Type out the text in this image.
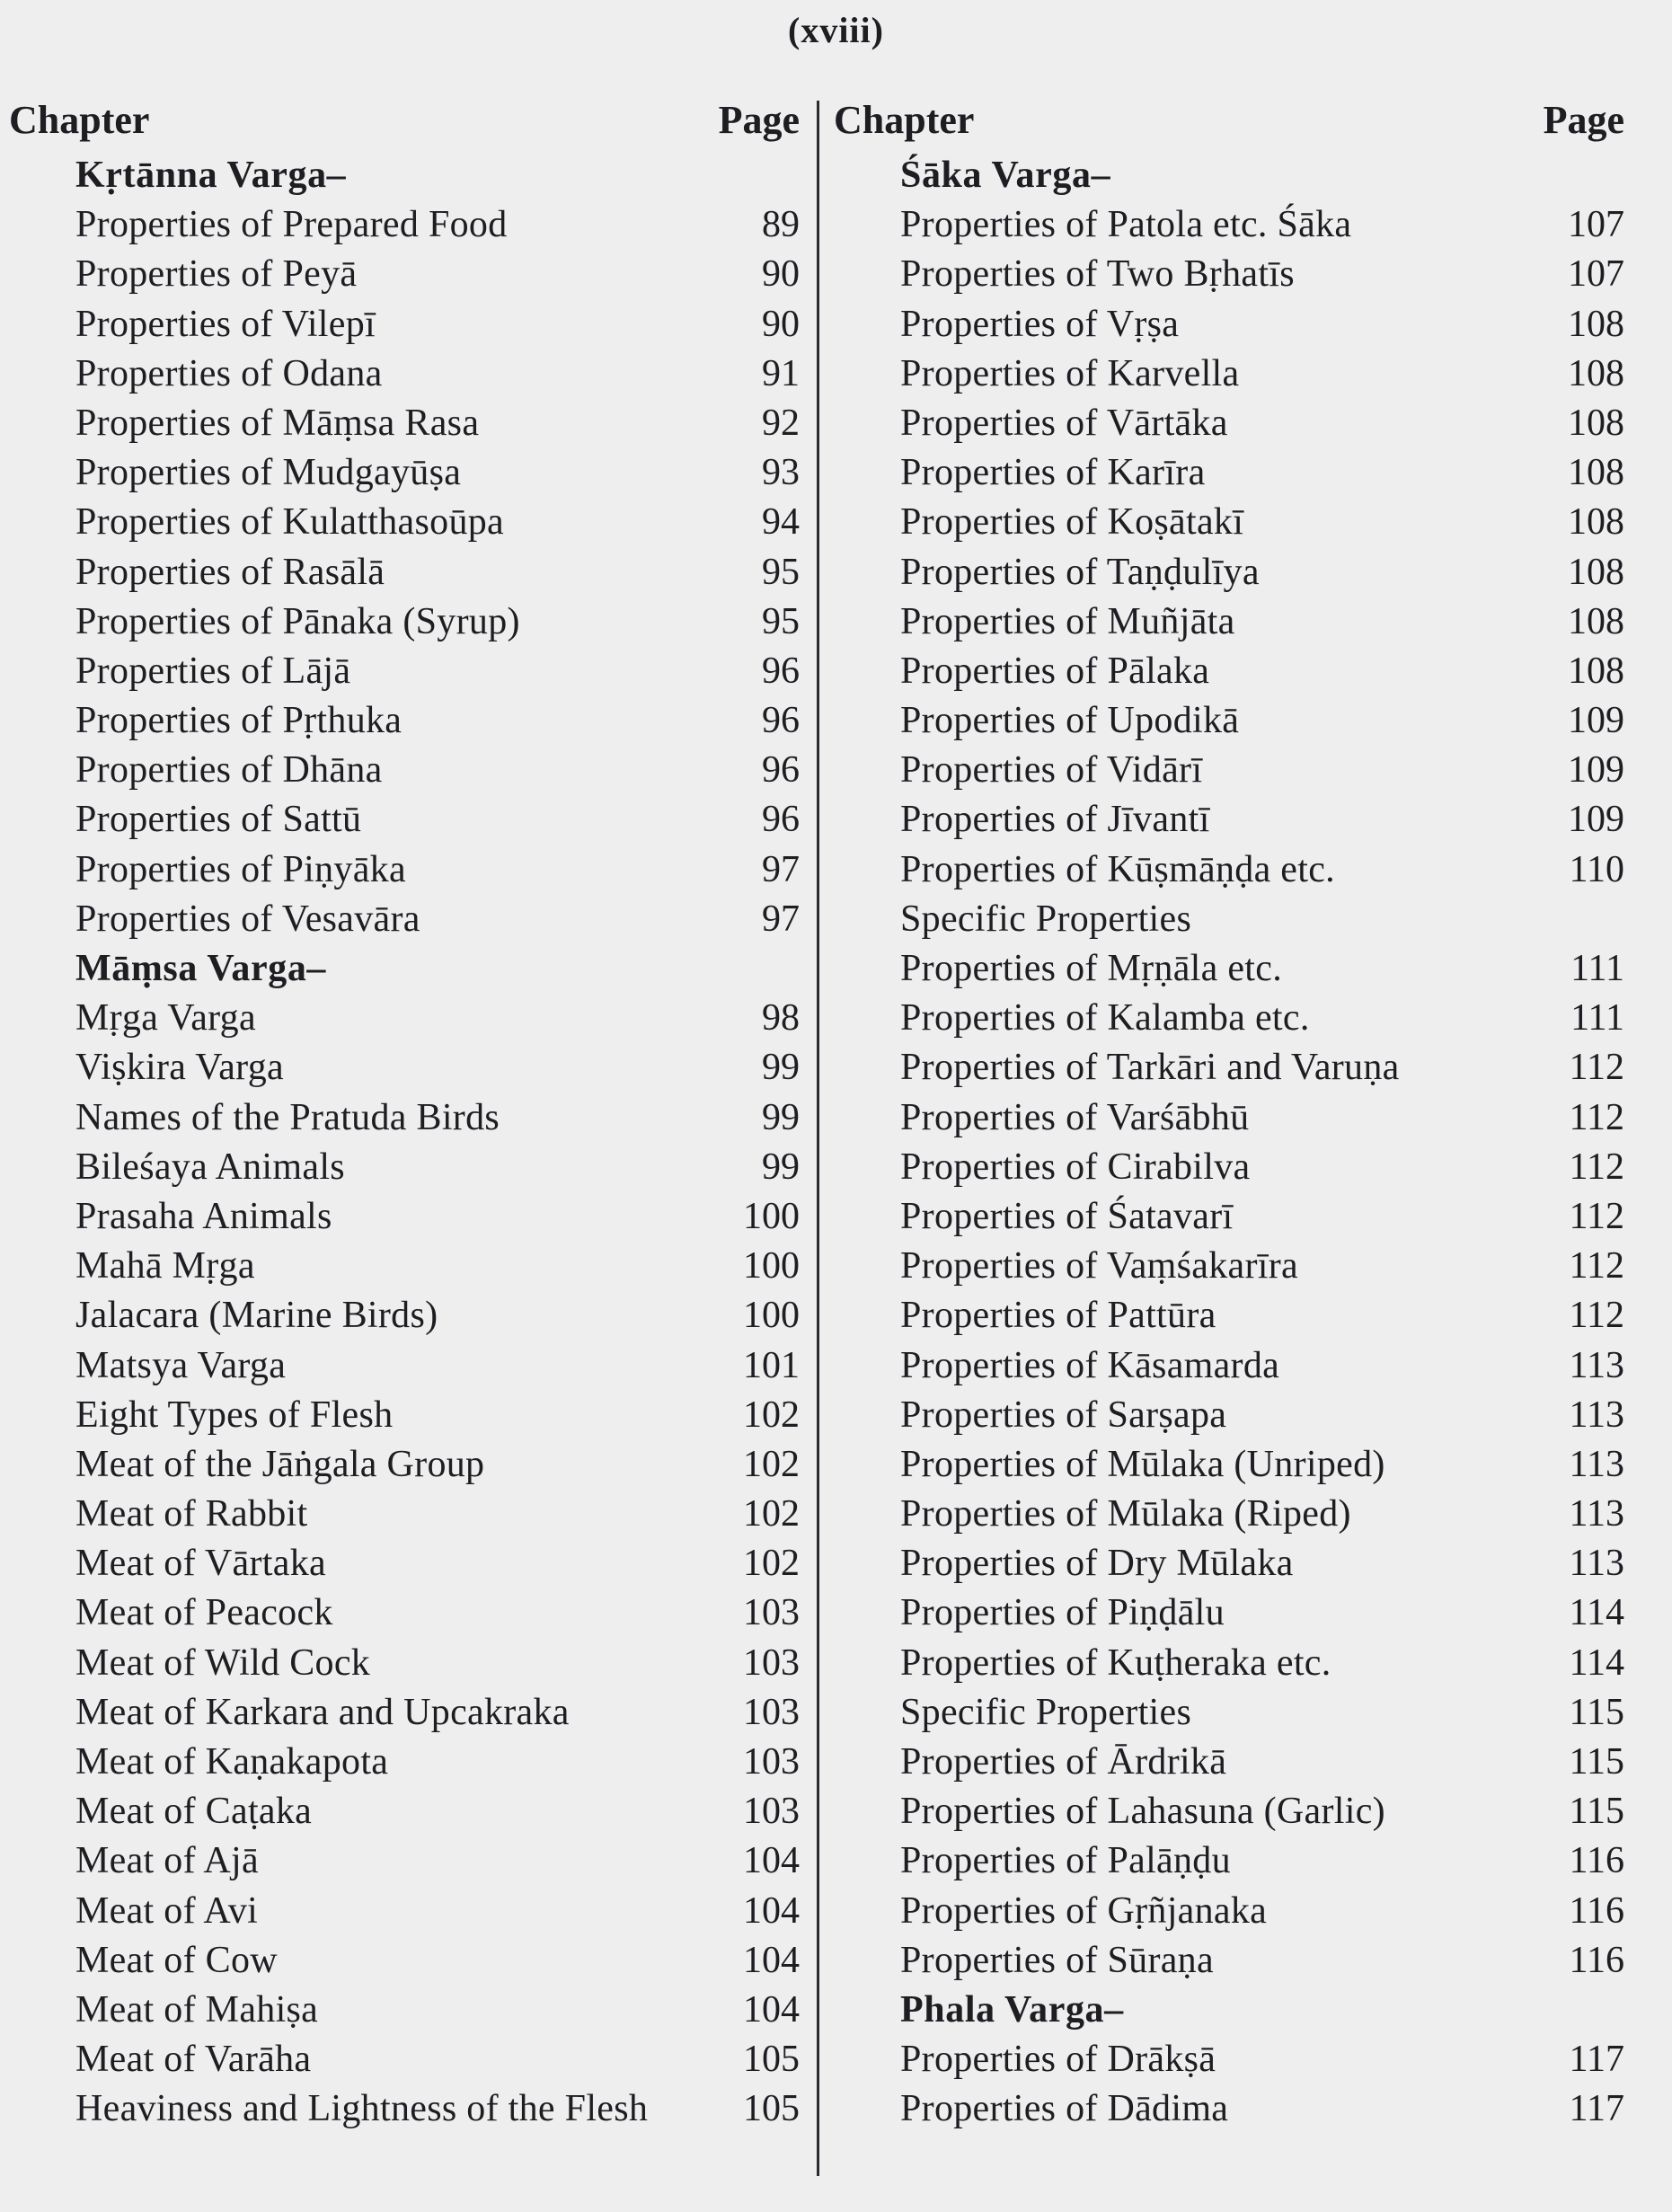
(xviii)
Chapter	Page
Kṛtānna Varga–
Properties of Prepared Food	89
Properties of Peyā	90
Properties of Vilepī	90
Properties of Odana	91
Properties of Māṃsa Rasa	92
Properties of Mudgayūṣa	93
Properties of Kulatthasoūpa	94
Properties of Rasālā	95
Properties of Pānaka (Syrup)	95
Properties of Lājā	96
Properties of Pṛthuka	96
Properties of Dhāna	96
Properties of Sattū	96
Properties of Piṇyāka	97
Properties of Vesavāra	97
Māṃsa Varga–
Mṛga Varga	98
Viṣkira Varga	99
Names of the Pratuda Birds	99
Bileśaya Animals	99
Prasaha Animals	100
Mahā Mṛga	100
Jalacara (Marine Birds)	100
Matsya Varga	101
Eight Types of Flesh	102
Meat of the Jāṅgala Group	102
Meat of Rabbit	102
Meat of Vārtaka	102
Meat of Peacock	103
Meat of Wild Cock	103
Meat of Karkara and Upcakraka	103
Meat of Kaṇakapota	103
Meat of Caṭaka	103
Meat of Ajā	104
Meat of Avi	104
Meat of Cow	104
Meat of Mahiṣa	104
Meat of Varāha	105
Heaviness and Lightness of the Flesh	105
Chapter	Page
Śāka Varga–
Properties of Patola etc. Śāka	107
Properties of Two Bṛhatīs	107
Properties of Vṛṣa	108
Properties of Karvella	108
Properties of Vārtāka	108
Properties of Karīra	108
Properties of Koṣātakī	108
Properties of Taṇḍulīya	108
Properties of Muñjāta	108
Properties of Pālaka	108
Properties of Upodikā	109
Properties of Vidārī	109
Properties of Jīvantī	109
Properties of Kūṣmāṇḍa etc.	110
Specific Properties
Properties of Mṛṇāla etc.	111
Properties of Kalamba etc.	111
Properties of Tarkāri and Varuṇa	112
Properties of Varśābhū	112
Properties of Cirabilva	112
Properties of Śatavarī	112
Properties of Vaṃśakarīra	112
Properties of Pattūra	112
Properties of Kāsamarda	113
Properties of Sarṣapa	113
Properties of Mūlaka (Unriped)	113
Properties of Mūlaka (Riped)	113
Properties of Dry Mūlaka	113
Properties of Piṇḍālu	114
Properties of Kuṭheraka etc.	114
Specific Properties	115
Properties of Ārdrikā	115
Properties of Lahasuna (Garlic)	115
Properties of Palāṇḍu	116
Properties of Gṛñjanaka	116
Properties of Sūraṇa	116
Phala Varga–
Properties of Drākṣā	117
Properties of Dādima	117
